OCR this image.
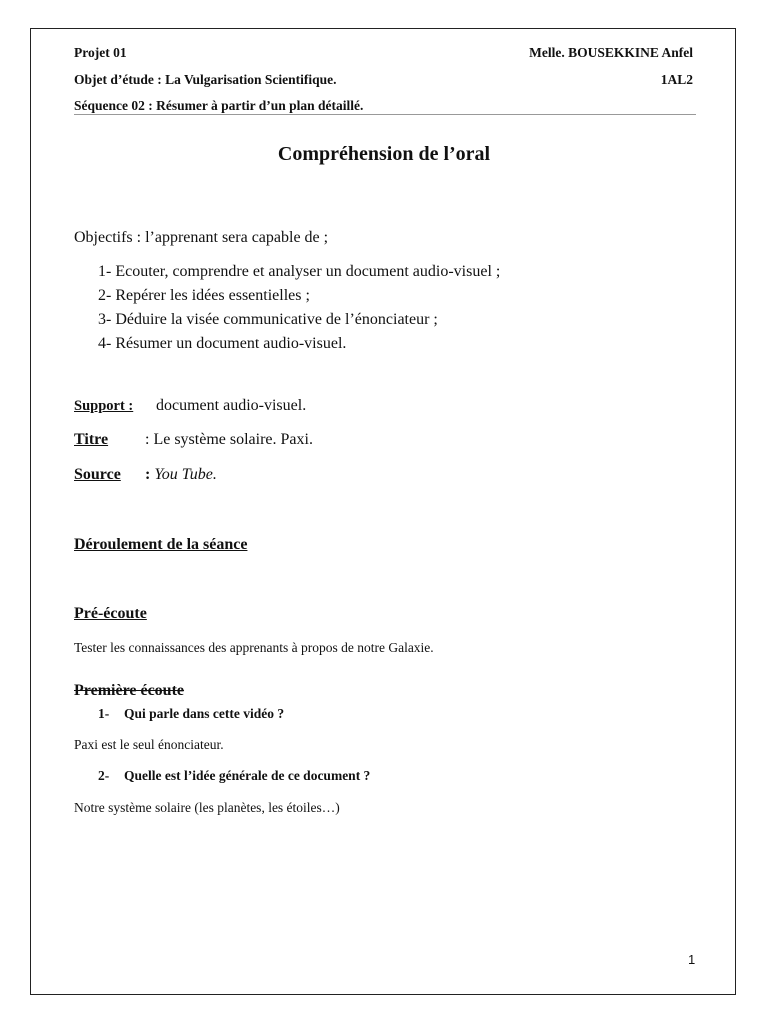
Projet 01	Melle. BOUSEKKINE Anfel
Objet d’étude : La Vulgarisation Scientifique.	1AL2
Séquence 02 : Résumer à partir d’un plan détaillé.
Compréhension de l’oral
Objectifs : l’apprenant sera capable de ;
1- Ecouter, comprendre et analyser un document audio-visuel ;
2- Repérer les idées essentielles ;
3- Déduire la visée communicative de l’énonciateur ;
4- Résumer un document audio-visuel.
Support : document audio-visuel.
Titre : Le système solaire. Paxi.
Source : You Tube.
Déroulement de la séance
Pré-écoute
Tester les connaissances des apprenants à propos de notre Galaxie.
Première écoute
1- Qui parle dans cette vidéo ?
Paxi est le seul énonciateur.
2- Quelle est l’idée générale de ce document ?
Notre système solaire (les planètes, les étoiles…)
1
